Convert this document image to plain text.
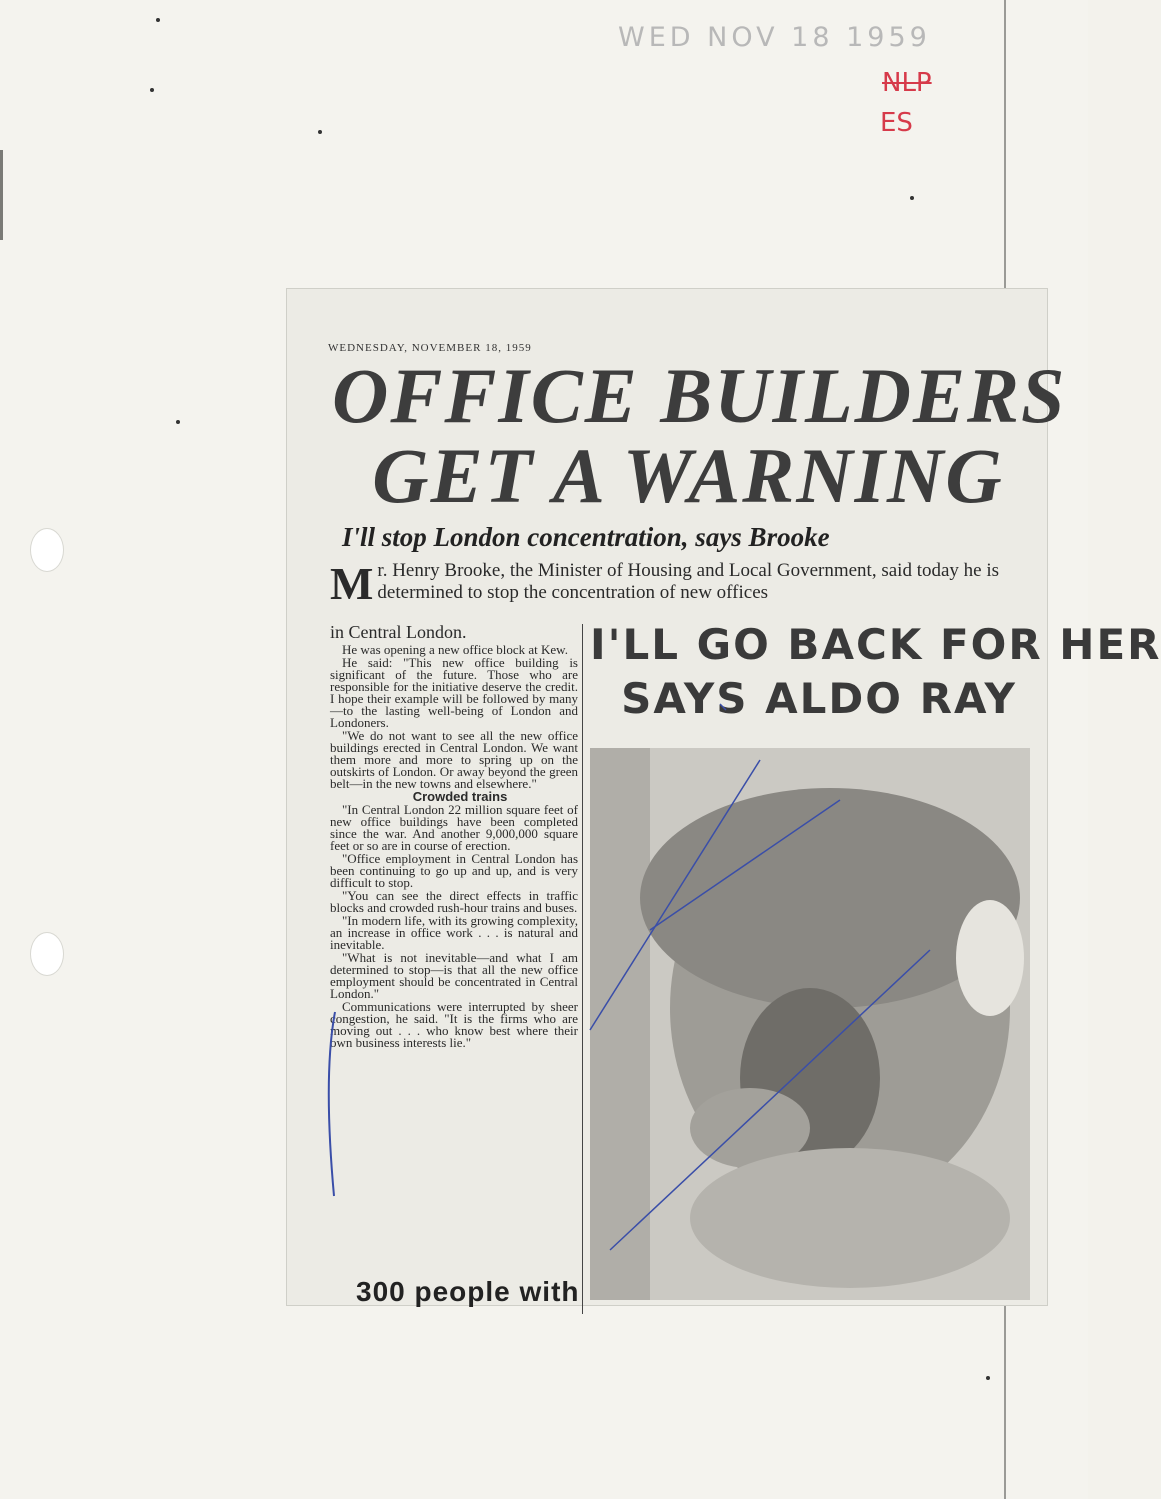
WED NOV 18 1959
NLP
ES
WEDNESDAY, NOVEMBER 18, 1959
OFFICE BUILDERS
GET A WARNING
I'll stop London concentration, says Brooke
M r. Henry Brooke, the Minister of Housing and Local Government, said today he is determined to stop the concentration of new offices

in Central London.

He was opening a new office block at Kew.

He said: "This new office building is significant of the future. Those who are responsible for the initiative deserve the credit. I hope their example will be followed by many—to the lasting well-being of London and Londoners.

"We do not want to see all the new office buildings erected in Central London. We want them more and more to spring up on the outskirts of London. Or away beyond the green belt—in the new towns and elsewhere."

Crowded trains

"In Central London 22 million square feet of new office buildings have been completed since the war. And another 9,000,000 square feet or so are in course of erection.

"Office employment in Central London has been continuing to go up and up, and is very difficult to stop.

"You can see the direct effects in traffic blocks and crowded rush-hour trains and buses.

"In modern life, with its growing complexity, an increase in office work . . . is natural and inevitable.

"What is not inevitable—and what I am determined to stop—is that all the new office employment should be concentrated in Central London."

Communications were interrupted by sheer congestion, he said. "It is the firms who are moving out . . . who know best where their own business interests lie."

300 people with
I'LL GO BACK FOR HER
SAYS ALDO RAY
